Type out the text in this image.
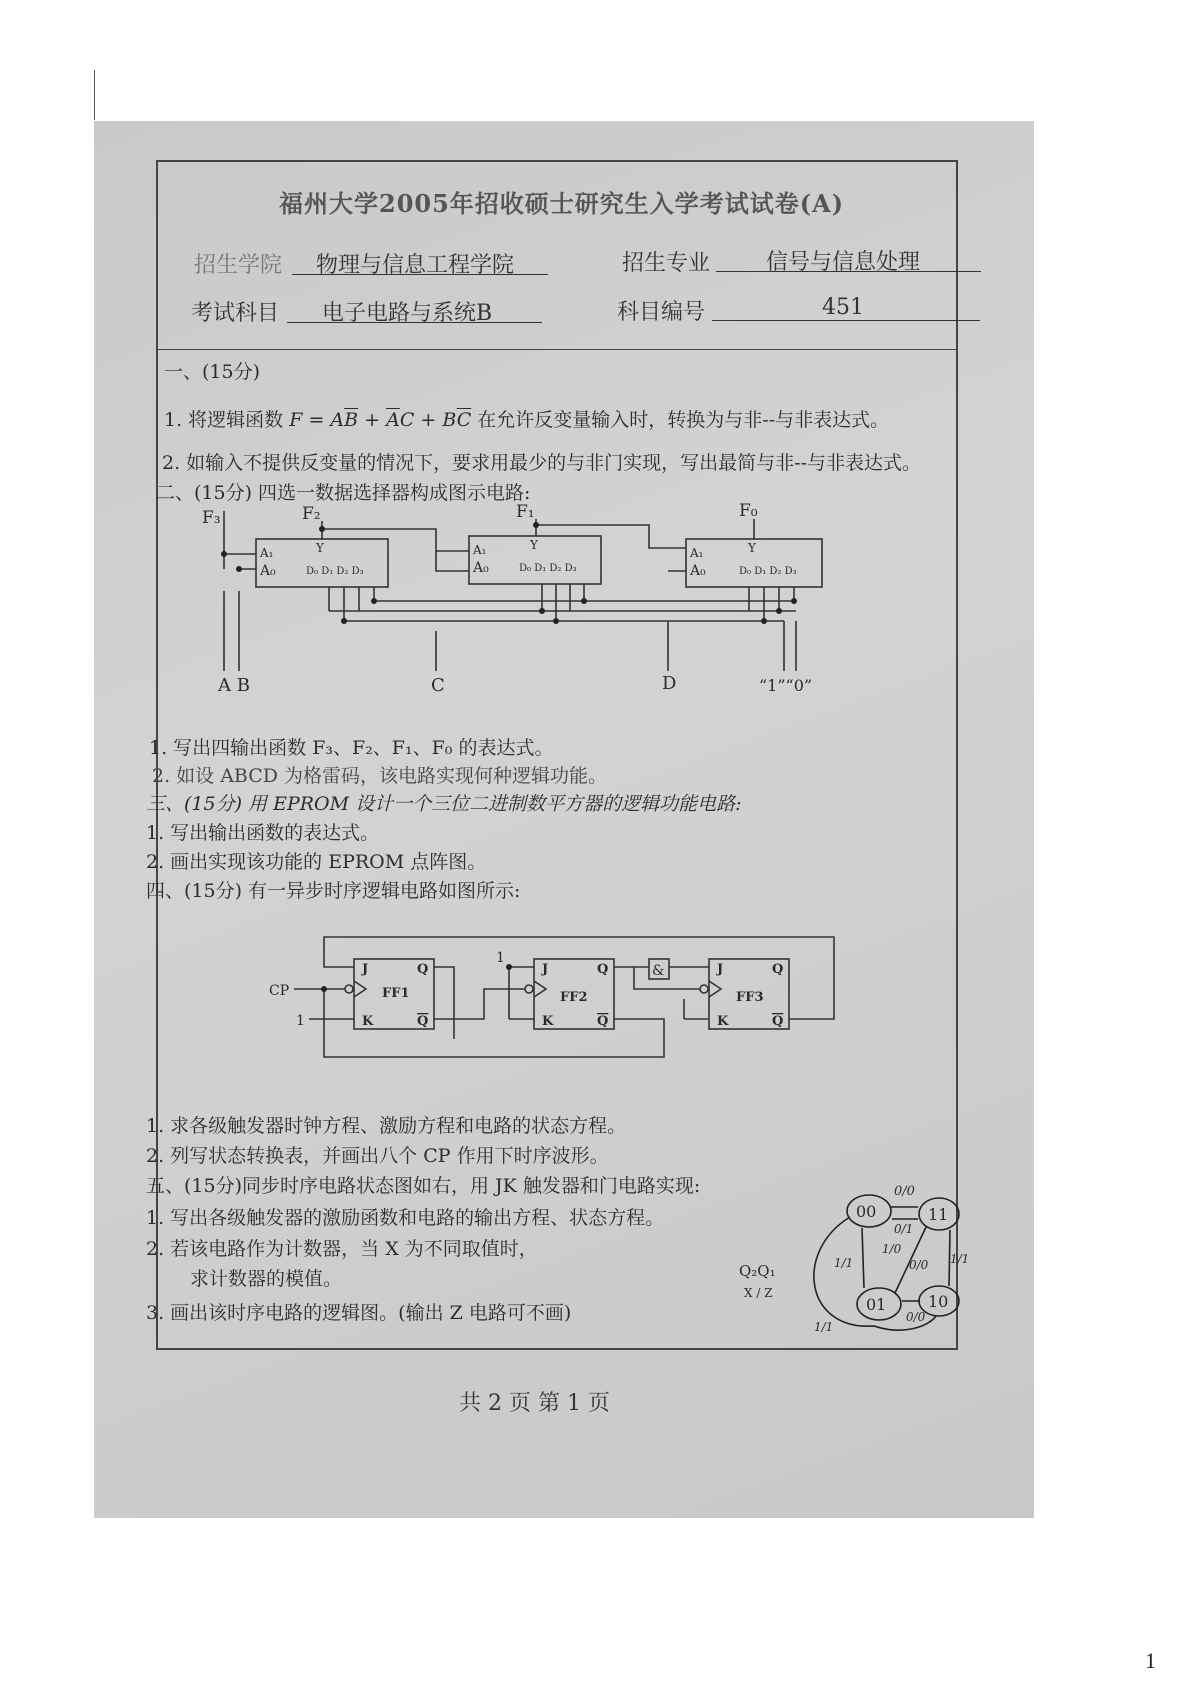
福州大学2005年招收硕士研究生入学考试试卷(A)
招生学院 物理与信息工程学院	招生专业	信号与信息处理
考试科目 电子电路与系统B	科目编号	451
一、(15分)
1. 将逻辑函数 $F = A\overline{B} + \overline{A}C + B\overline{C}$ 在允许反变量输入时，转换为与非--与非表达式。
2. 如输入不提供反变量的情况下，要求用最少的与非门实现，写出最简与非--与非表达式。
二、(15分) 四选一数据选择器构成图示电路:
F₃	F₂	F₁	F₀
A₁
A₀
Y
D₀ D₁ D₂ D₃
A₁
A₀
Y
D₀ D₁ D₂ D₃
A₁
A₀
Y
D₀ D₁ D₂ D₃
A B	C	D	“1”“0”
1. 写出四输出函数 F₃、F₂、F₁、F₀ 的表达式。
2. 如设 ABCD 为格雷码，该电路实现何种逻辑功能。
三、(15分) 用 EPROM 设计一个三位二进制数平方器的逻辑功能电路:
1. 写出输出函数的表达式。
2. 画出实现该功能的 EPROM 点阵图。
四、(15分) 有一异步时序逻辑电路如图所示:
CP
1
1
&
J
K
Q
Q
FF1
J
K
Q
Q
FF2
J
K
Q
Q
FF3
1. 求各级触发器时钟方程、激励方程和电路的状态方程。
2. 列写状态转换表，并画出八个 CP 作用下时序波形。
五、(15分)同步时序电路状态图如右，用 JK 触发器和门电路实现:
1. 写出各级触发器的激励函数和电路的输出方程、状态方程。
2. 若该电路作为计数器，当 X 为不同取值时，
求计数器的模值。
3. 画出该时序电路的逻辑图。(输出 Z 电路可不画)
00	11
01	10
0/0
0/1
1/1
1/0
0/0
0/0
1/1
1/1
Q₂Q₁
X / Z
共 2 页 第 1 页
1
